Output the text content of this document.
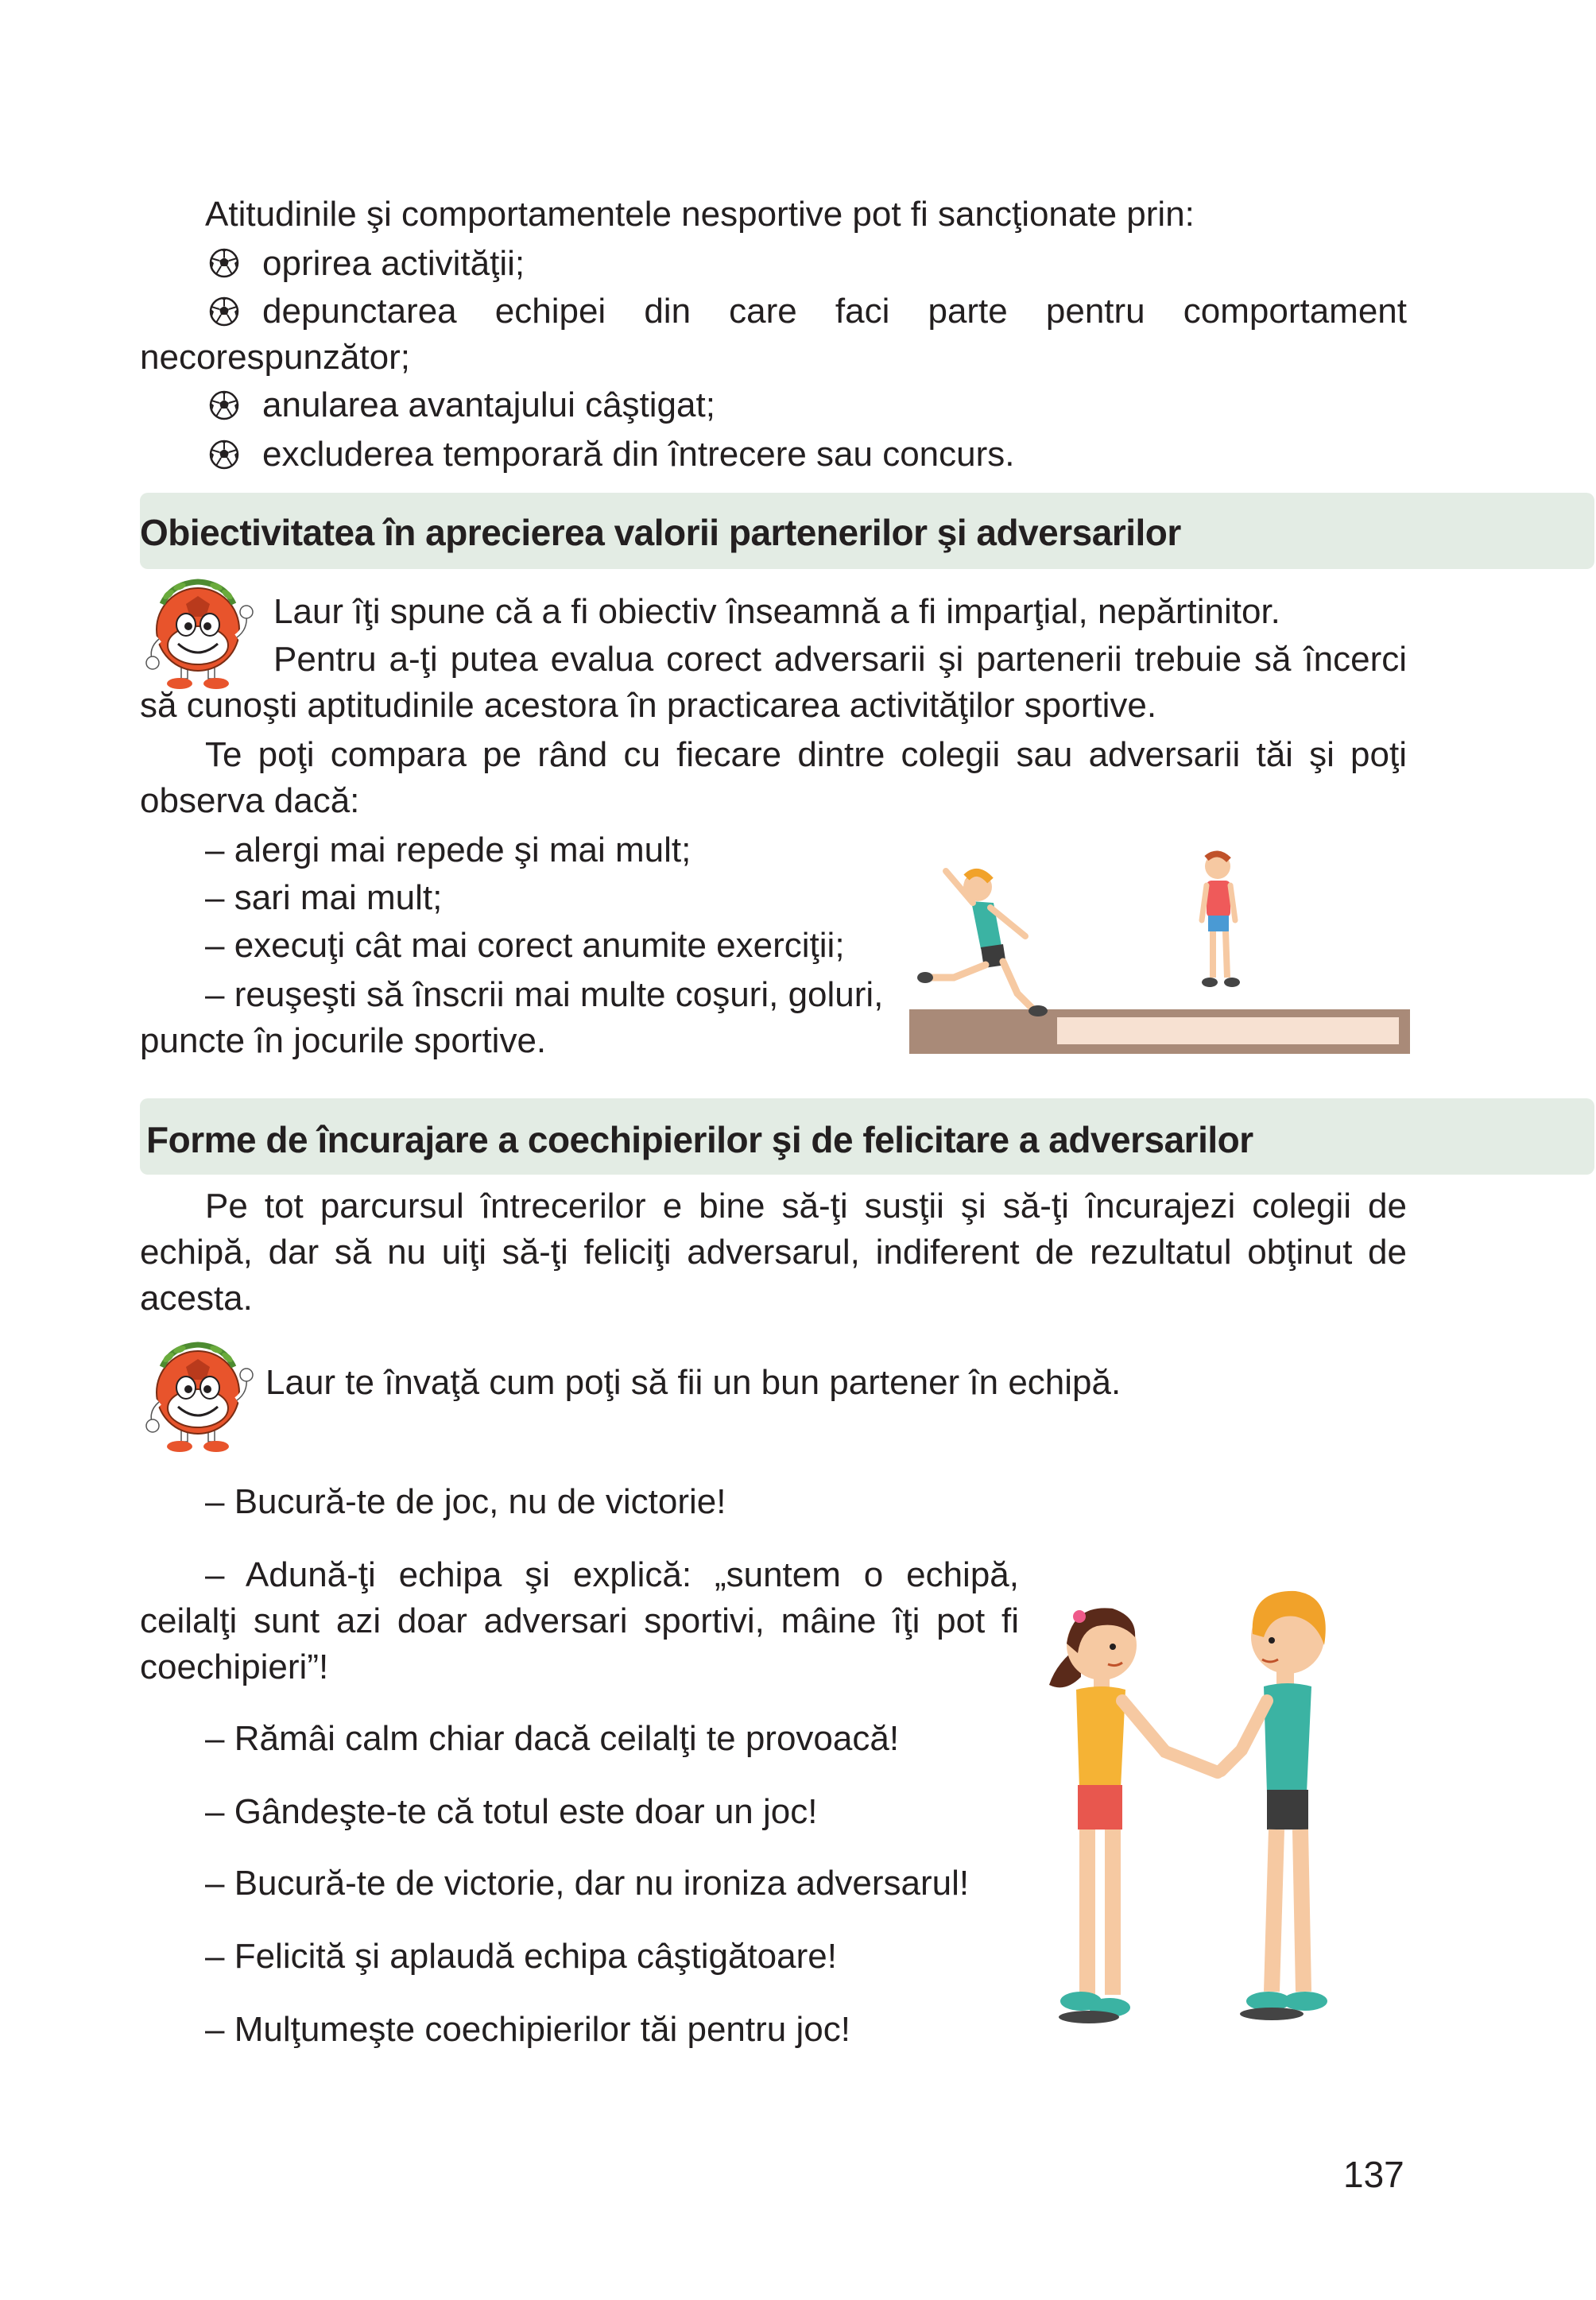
Atitudinile şi comportamentele nesportive pot fi sancţionate prin:
oprirea activităţii;
depunctarea echipei din care faci parte pentru comportament
necorespunzător;
anularea avantajului câştigat;
excluderea temporară din întrecere sau concurs.
Obiectivitatea în aprecierea valorii partenerilor şi adversarilor
Laur îţi spune că a fi obiectiv înseamnă a fi imparţial, nepărtinitor.
Pentru a-ţi putea evalua corect adversarii şi partenerii trebuie să încerci
să cunoşti aptitudinile acestora în practicarea activităţilor sportive.
Te poţi compara pe rând cu fiecare dintre colegii sau adversarii tăi şi poţi
observa dacă:
– alergi mai repede şi mai mult;
– sari mai mult;
– execuţi cât mai corect anumite exerciţii;
– reuşeşti să înscrii mai multe coşuri, goluri,
puncte în jocurile sportive.
Forme de încurajare a coechipierilor şi de felicitare a adversarilor
Pe tot parcursul întrecerilor e bine să-ţi susţii şi să-ţi încurajezi colegii de
echipă, dar să nu uiţi să-ţi feliciţi adversarul, indiferent de rezultatul obţinut de
acesta.
Laur te învaţă cum poţi să fii un bun partener în echipă.
– Bucură-te de joc, nu de victorie!
– Adună-ţi echipa şi explică: „suntem o echipă,
ceilalţi sunt azi doar adversari sportivi, mâine îţi pot fi
coechipieri”!
– Rămâi calm chiar dacă ceilalţi te provoacă!
– Gândeşte-te că totul este doar un joc!
– Bucură-te de victorie, dar nu ironiza adversarul!
– Felicită şi aplaudă echipa câştigătoare!
– Mulţumeşte coechipierilor tăi pentru joc!
137
